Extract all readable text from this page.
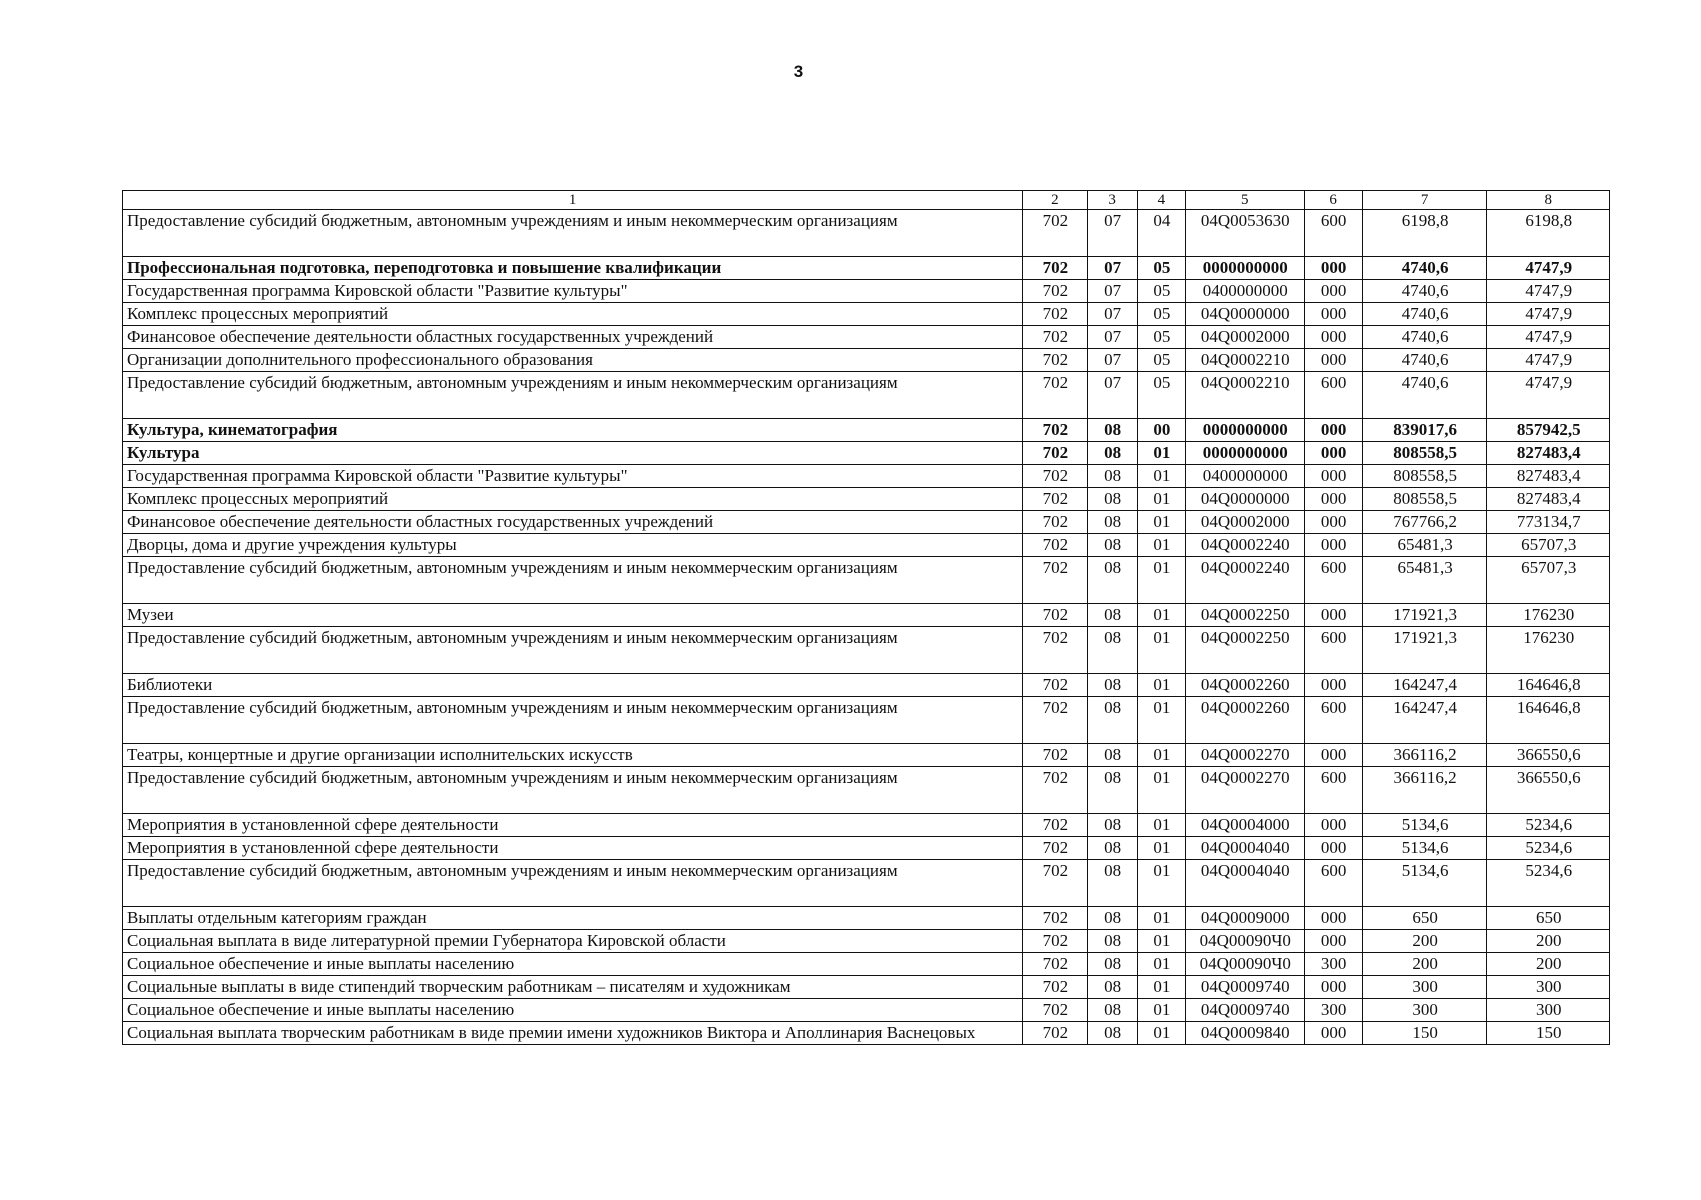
3
1	2	3	4	5	6	7	8
Предоставление субсидий бюджетным, автономным учреждениям и иным некоммерческим организациям	702	07	04	04Q0053630	600	6198,8	6198,8
Профессиональная подготовка, переподготовка и повышение квалификации	702	07	05	0000000000	000	4740,6	4747,9
Государственная программа Кировской области "Развитие культуры"	702	07	05	0400000000	000	4740,6	4747,9
Комплекс процессных мероприятий	702	07	05	04Q0000000	000	4740,6	4747,9
Финансовое обеспечение деятельности областных государственных учреждений	702	07	05	04Q0002000	000	4740,6	4747,9
Организации дополнительного профессионального образования	702	07	05	04Q0002210	000	4740,6	4747,9
Предоставление субсидий бюджетным, автономным учреждениям и иным некоммерческим организациям	702	07	05	04Q0002210	600	4740,6	4747,9
Культура, кинематография	702	08	00	0000000000	000	839017,6	857942,5
Культура	702	08	01	0000000000	000	808558,5	827483,4
Государственная программа Кировской области "Развитие культуры"	702	08	01	0400000000	000	808558,5	827483,4
Комплекс процессных мероприятий	702	08	01	04Q0000000	000	808558,5	827483,4
Финансовое обеспечение деятельности областных государственных учреждений	702	08	01	04Q0002000	000	767766,2	773134,7
Дворцы, дома и другие учреждения культуры	702	08	01	04Q0002240	000	65481,3	65707,3
Предоставление субсидий бюджетным, автономным учреждениям и иным некоммерческим организациям	702	08	01	04Q0002240	600	65481,3	65707,3
Музеи	702	08	01	04Q0002250	000	171921,3	176230
Предоставление субсидий бюджетным, автономным учреждениям и иным некоммерческим организациям	702	08	01	04Q0002250	600	171921,3	176230
Библиотеки	702	08	01	04Q0002260	000	164247,4	164646,8
Предоставление субсидий бюджетным, автономным учреждениям и иным некоммерческим организациям	702	08	01	04Q0002260	600	164247,4	164646,8
Театры, концертные и другие организации исполнительских искусств	702	08	01	04Q0002270	000	366116,2	366550,6
Предоставление субсидий бюджетным, автономным учреждениям и иным некоммерческим организациям	702	08	01	04Q0002270	600	366116,2	366550,6
Мероприятия в установленной сфере деятельности	702	08	01	04Q0004000	000	5134,6	5234,6
Мероприятия в установленной сфере деятельности	702	08	01	04Q0004040	000	5134,6	5234,6
Предоставление субсидий бюджетным, автономным учреждениям и иным некоммерческим организациям	702	08	01	04Q0004040	600	5134,6	5234,6
Выплаты отдельным категориям граждан	702	08	01	04Q0009000	000	650	650
Социальная выплата в виде литературной премии Губернатора Кировской области	702	08	01	04Q00090Ч0	000	200	200
Социальное обеспечение и иные выплаты населению	702	08	01	04Q00090Ч0	300	200	200
Социальные выплаты в виде стипендий творческим работникам – писателям и художникам	702	08	01	04Q0009740	000	300	300
Социальное обеспечение и иные выплаты населению	702	08	01	04Q0009740	300	300	300
Социальная выплата творческим работникам в виде премии имени художников Виктора и Аполлинария Васнецовых	702	08	01	04Q0009840	000	150	150
